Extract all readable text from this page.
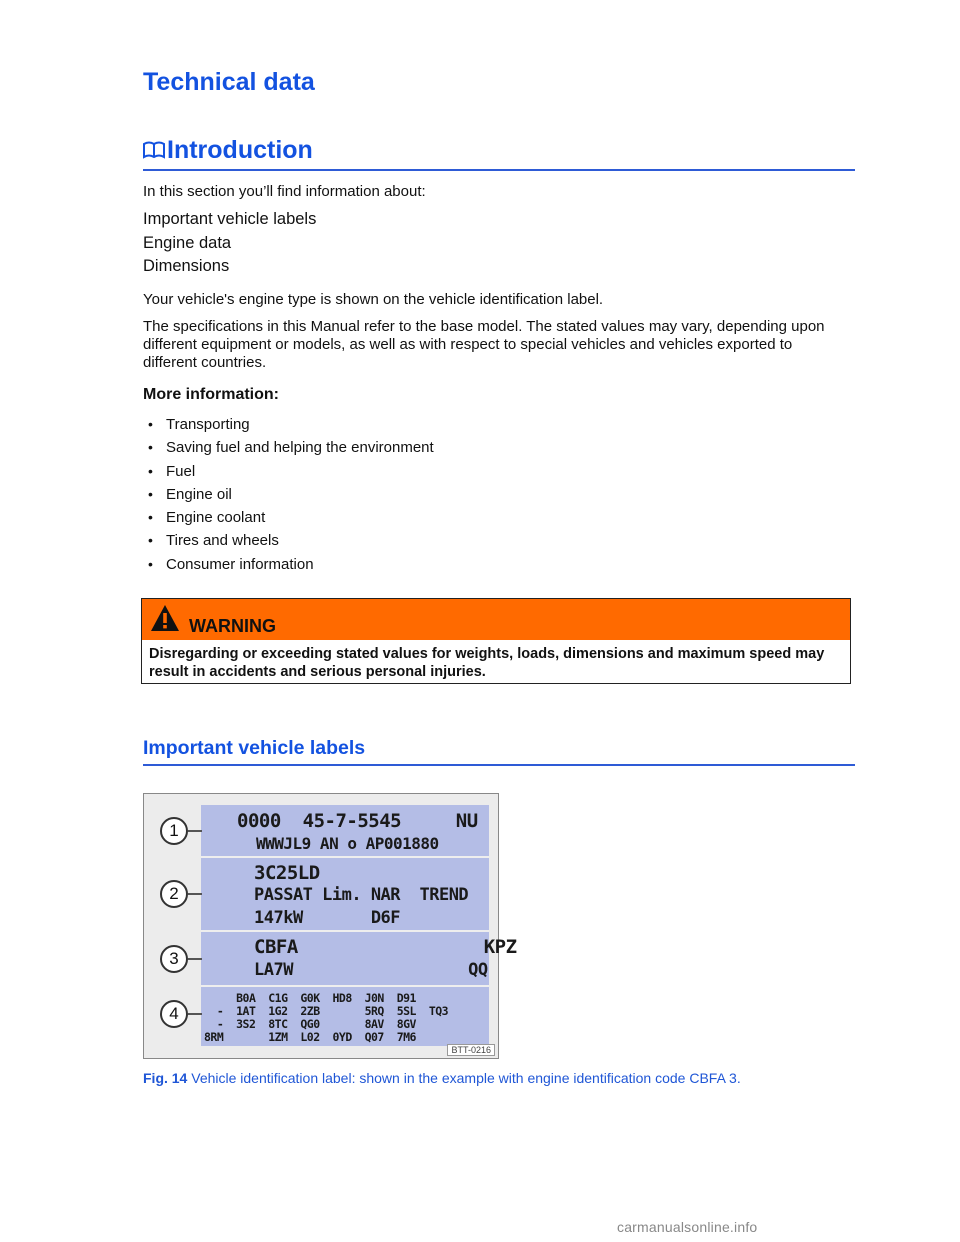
Technical data
Introduction

In this section you’ll find information about:

Important vehicle labels
Engine data
Dimensions

Your vehicle's engine type is shown on the vehicle identification label.

The specifications in this Manual refer to the base model. The stated values may vary, depending upon different equipment or models, as well as with respect to special vehicles and vehicles exported to different countries.

More information:
• Transporting
• Saving fuel and helping the environment
• Fuel
• Engine oil
• Engine coolant
• Tires and wheels
• Consumer information
WARNING
Disregarding or exceeding stated values for weights, loads, dimensions and maximum speed may result in accidents and serious personal injuries.
Important vehicle labels
1
2
3
4
0000  45-7-5545     NU
WWWJL9 AN o AP001880
3C25LD
PASSAT Lim. NAR  TREND
147kW       D6F
CBFA                 KPZ
LA7W                  QQ
B0A  C1G  G0K  HD8  J0N  D91
-  1AT  1G2  2ZB       5RQ  5SL  TQ3
-  3S2  8TC  QG0       8AV  8GV
8RM       1ZM  L02  0YD  Q07  7M6
BTT-0216

Fig. 14 Vehicle identification label: shown in the example with engine identification code CBFA 3.

carmanualsonline.info
